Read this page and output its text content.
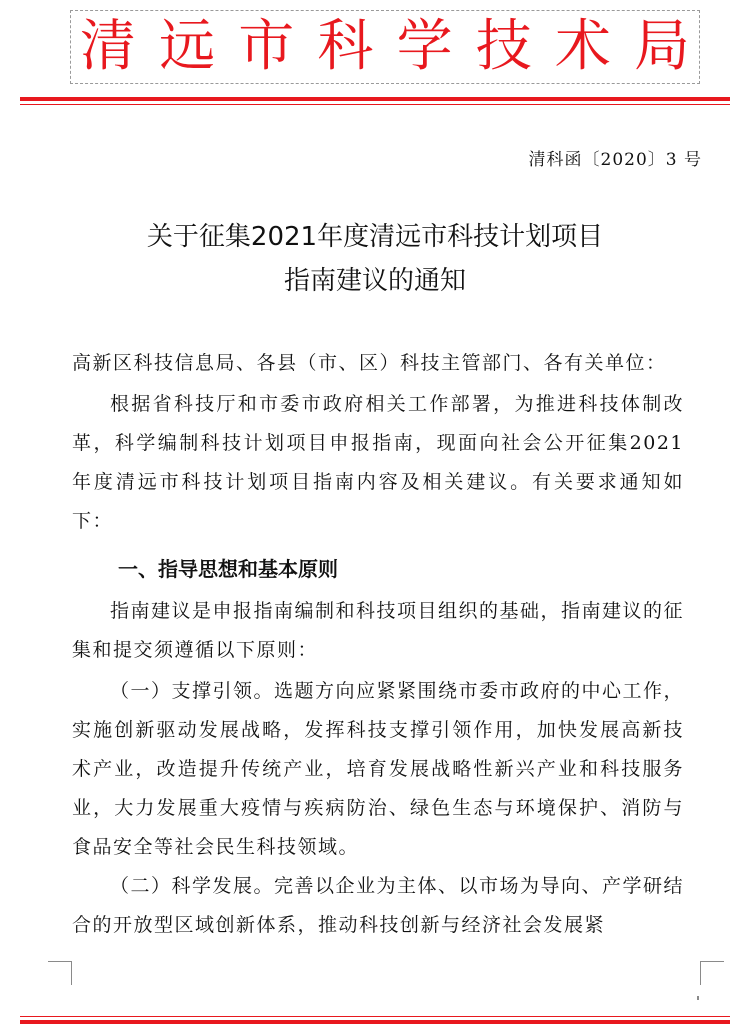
清 远 市 科 学 技 术 局
清科函〔2020〕3 号
关于征集2021年度清远市科技计划项目
指南建议的通知
高新区科技信息局、各县（市、区）科技主管部门、各有关单位：
根据省科技厅和市委市政府相关工作部署，为推进科技体制改革，科学编制科技计划项目申报指南，现面向社会公开征集2021 年度清远市科技计划项目指南内容及相关建议。有关要求通知如下：
一、指导思想和基本原则
指南建议是申报指南编制和科技项目组织的基础，指南建议的征集和提交须遵循以下原则：
（一）支撑引领。选题方向应紧紧围绕市委市政府的中心工作，实施创新驱动发展战略，发挥科技支撑引领作用，加快发展高新技术产业，改造提升传统产业，培育发展战略性新兴产业和科技服务业，大力发展重大疫情与疾病防治、绿色生态与环境保护、消防与食品安全等社会民生科技领域。
（二）科学发展。完善以企业为主体、以市场为导向、产学研结合的开放型区域创新体系，推动科技创新与经济社会发展紧
